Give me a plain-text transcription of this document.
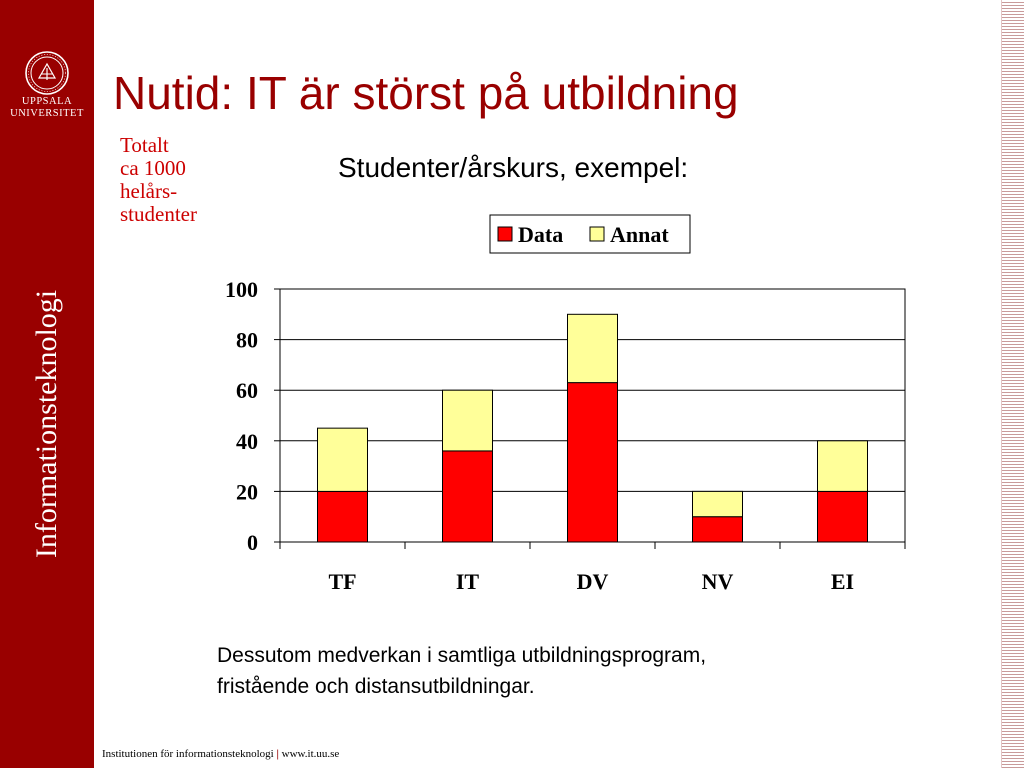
UPPSALA
UNIVERSITET
Informationsteknologi
Nutid: IT är störst på utbildning
Totalt
ca 1000
helårs-
studenter
Studenter/årskurs, exempel:
0
20
40
60
80
100
TF	IT	DV	NV	EI
Data Annat
Dessutom medverkan i samtliga utbildningsprogram,
fristående och distansutbildningar.
Institutionen för informationsteknologi | www.it.uu.se
